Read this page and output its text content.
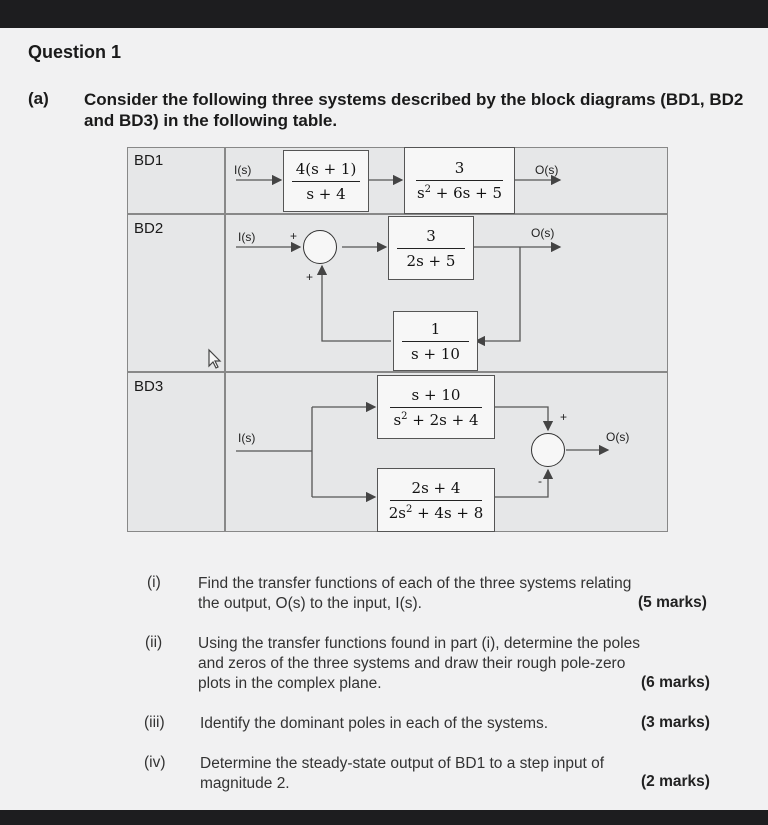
Question 1
(a) Consider the following three systems described by the block diagrams (BD1, BD2 and BD3) in the following table.
BD1
BD2
BD3
I(s)	4(s + 1)
s + 4
3
$s^2 + 6s + 5$
O(s)
I(s)	+
+
3
2s + 5
O(s)
1
s + 10
I(s)
s + 10
$s^2 + 2s + 4$
2s + 4
$2s^2 + 4s + 8$
+
-
O(s)
(i) Find the transfer functions of each of the three systems relating
the output, O(s) to the input, I(s).	(5 marks)
(ii) Using the transfer functions found in part (i), determine the poles
and zeros of the three systems and draw their rough pole-zero
plots in the complex plane.	(6 marks)
(iii) Identify the dominant poles in each of the systems.	(3 marks)
(iv) Determine the steady-state output of BD1 to a step input of
magnitude 2.	(2 marks)
